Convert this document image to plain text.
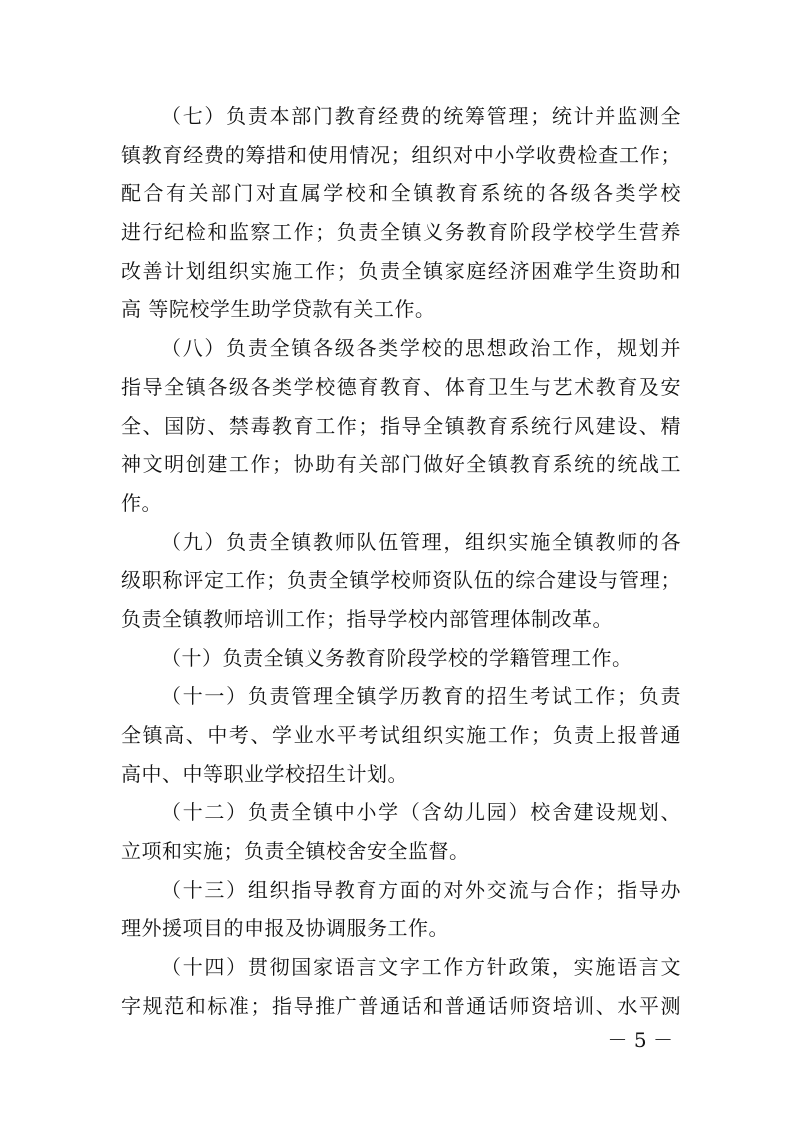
（七）负责本部门教育经费的统筹管理；统计并监测全
镇教育经费的筹措和使用情况；组织对中小学收费检查工作；
配合有关部门对直属学校和全镇教育系统的各级各类学校
进行纪检和监察工作；负责全镇义务教育阶段学校学生营养
改善计划组织实施工作；负责全镇家庭经济困难学生资助和
高 等院校学生助学贷款有关工作。
（八）负责全镇各级各类学校的思想政治工作，规划并
指导全镇各级各类学校德育教育、体育卫生与艺术教育及安
全、国防、禁毒教育工作；指导全镇教育系统行风建设、精
神文明创建工作；协助有关部门做好全镇教育系统的统战工
作。
（九）负责全镇教师队伍管理，组织实施全镇教师的各
级职称评定工作；负责全镇学校师资队伍的综合建设与管理；
负责全镇教师培训工作；指导学校内部管理体制改革。
（十）负责全镇义务教育阶段学校的学籍管理工作。
（十一）负责管理全镇学历教育的招生考试工作；负责
全镇高、中考、学业水平考试组织实施工作；负责上报普通
高中、中等职业学校招生计划。
（十二）负责全镇中小学（含幼儿园）校舍建设规划、
立项和实施；负责全镇校舍安全监督。
（十三）组织指导教育方面的对外交流与合作；指导办
理外援项目的申报及协调服务工作。
（十四）贯彻国家语言文字工作方针政策，实施语言文
字规范和标准；指导推广普通话和普通话师资培训、水平测
－ 5 －
